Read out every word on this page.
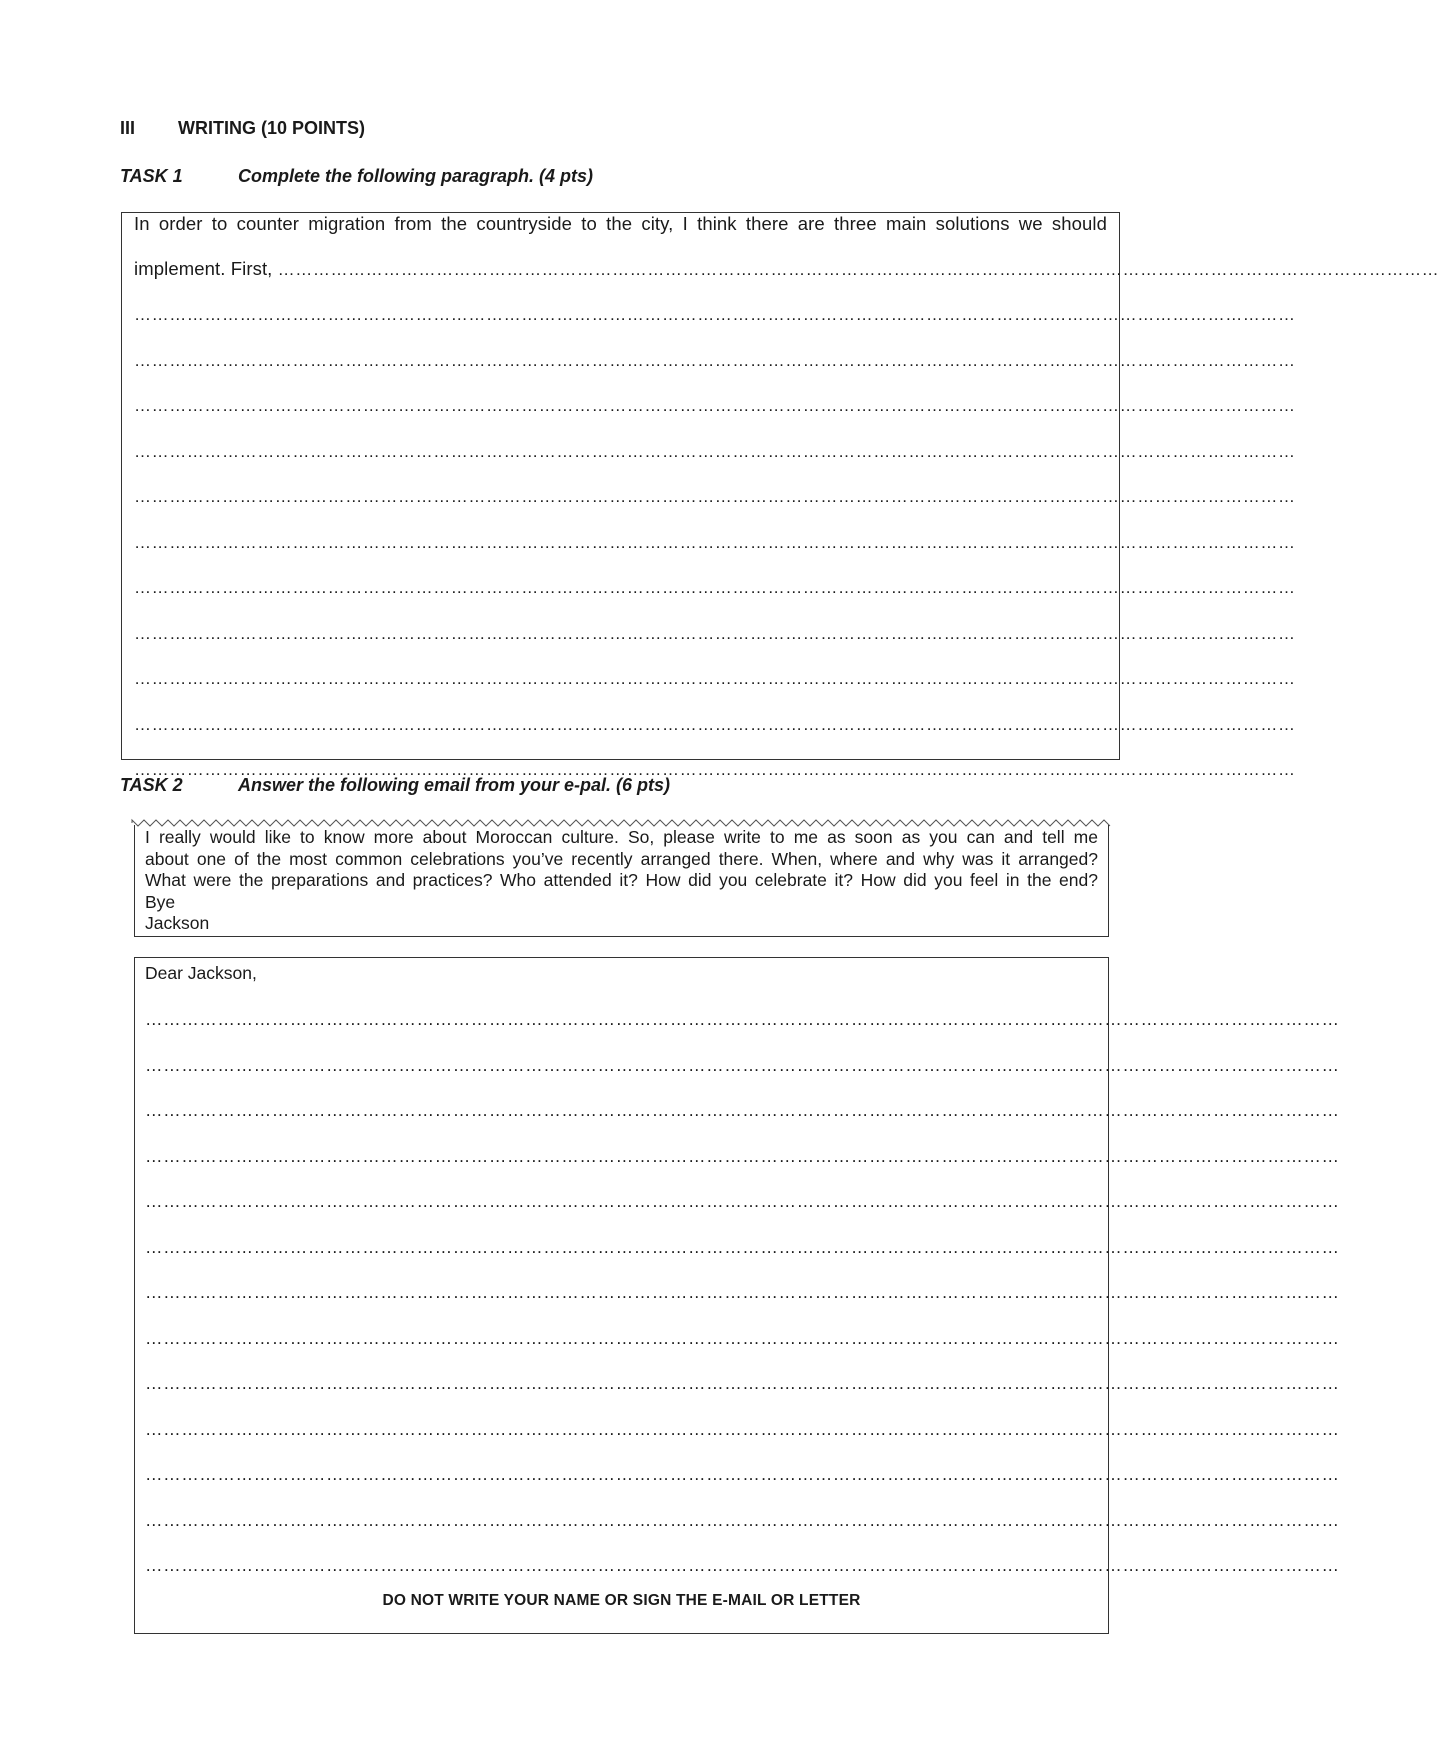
III WRITING (10 POINTS)
TASK 1	Complete the following paragraph. (4 pts)
In order to counter migration from the countryside to the city, I think there are three main solutions we should
implement. First, ………………………………………………………………………………………………………………………………………………………………………………
………………………………………………………………………………………………………………………………………………………………………………
………………………………………………………………………………………………………………………………………………………………………………
………………………………………………………………………………………………………………………………………………………………………………
………………………………………………………………………………………………………………………………………………………………………………
………………………………………………………………………………………………………………………………………………………………………………
………………………………………………………………………………………………………………………………………………………………………………
………………………………………………………………………………………………………………………………………………………………………………
………………………………………………………………………………………………………………………………………………………………………………
………………………………………………………………………………………………………………………………………………………………………………
………………………………………………………………………………………………………………………………………………………………………………
………………………………………………………………………………………………………………………………………………………………………………
TASK 2	Answer the following email from your e-pal. (6 pts)
I really would like to know more about Moroccan culture. So, please write to me as soon as you can and tell me
about one of the most common celebrations you’ve recently arranged there. When, where and why was it arranged?
What were the preparations and practices? Who attended it? How did you celebrate it? How did you feel in the end?
Bye
Jackson
Dear Jackson,
………………………………………………………………………………………………………………………………………………………………………………
………………………………………………………………………………………………………………………………………………………………………………
………………………………………………………………………………………………………………………………………………………………………………
………………………………………………………………………………………………………………………………………………………………………………
………………………………………………………………………………………………………………………………………………………………………………
………………………………………………………………………………………………………………………………………………………………………………
………………………………………………………………………………………………………………………………………………………………………………
………………………………………………………………………………………………………………………………………………………………………………
………………………………………………………………………………………………………………………………………………………………………………
………………………………………………………………………………………………………………………………………………………………………………
………………………………………………………………………………………………………………………………………………………………………………
………………………………………………………………………………………………………………………………………………………………………………
………………………………………………………………………………………………………………………………………………………………………………
DO NOT WRITE YOUR NAME OR SIGN THE E-MAIL OR LETTER
